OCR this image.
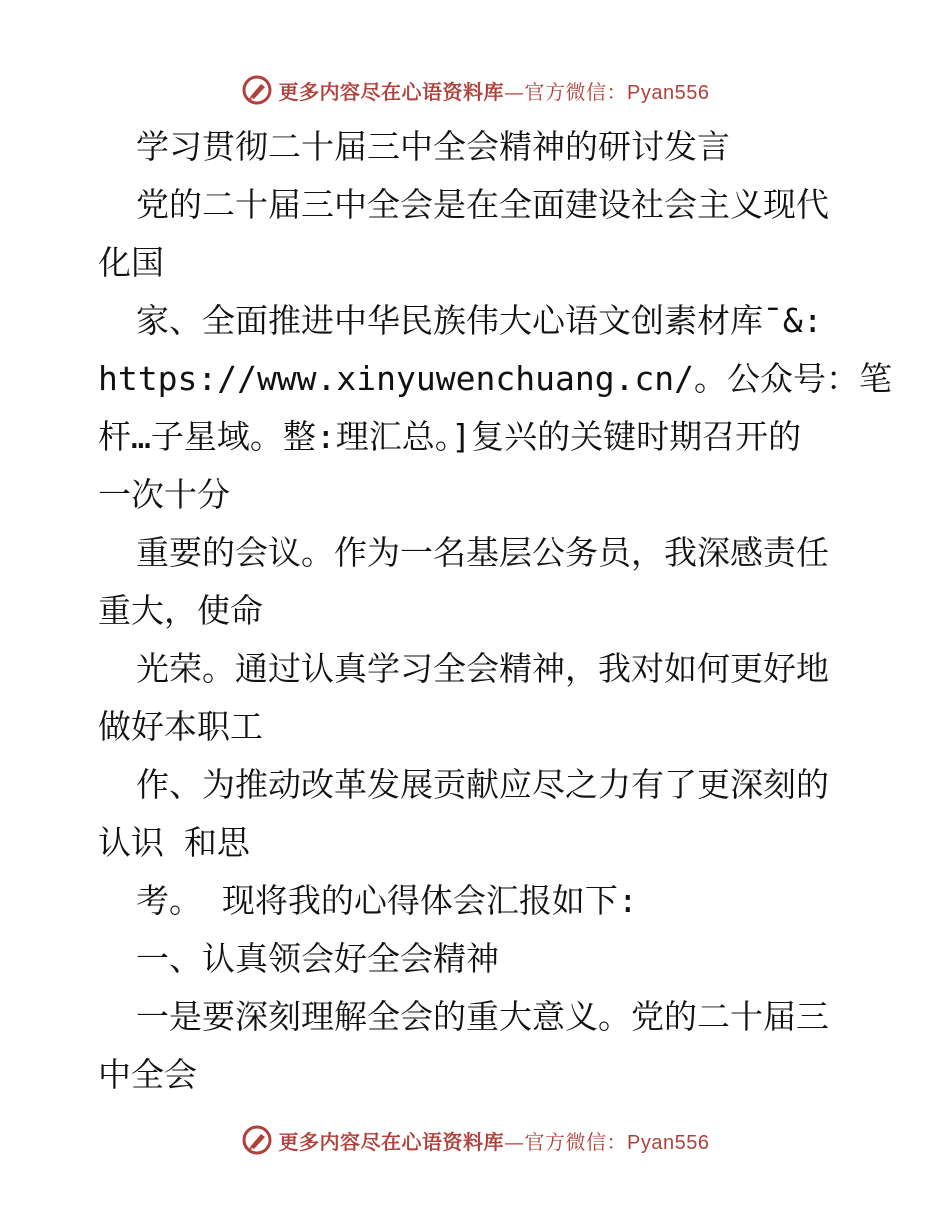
更多内容尽在心语资料库—官方微信：Pyan556
学习贯彻二十届三中全会精神的研讨发言
党的二十届三中全会是在全面建设社会主义现代
化国
家、全面推进中华民族伟大心语文创素材库¯&:
https://www.xinyuwenchuang.cn/。公众号：笔
杆…子星域。整:理汇总。]复兴的关键时期召开的
一次十分
重要的会议。作为一名基层公务员，我深感责任
重大，使命
光荣。通过认真学习全会精神，我对如何更好地
做好本职工
作、为推动改革发展贡献应尽之力有了更深刻的
认识 和思
考。 现将我的心得体会汇报如下:
一、认真领会好全会精神
一是要深刻理解全会的重大意义。党的二十届三
中全会
更多内容尽在心语资料库—官方微信：Pyan556
